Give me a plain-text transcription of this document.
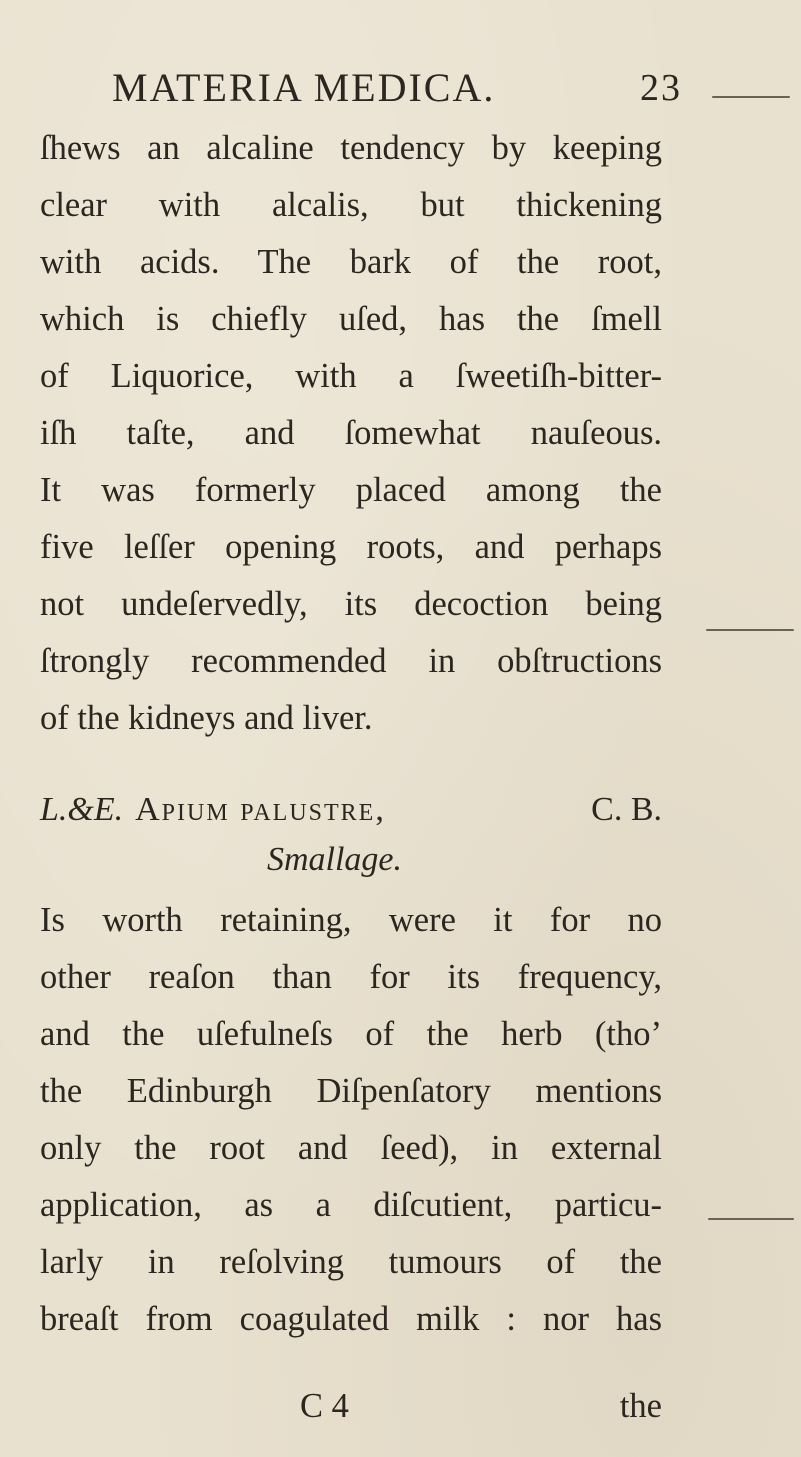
MATERIA MEDICA.	23
ſhews an alcaline tendency by keeping
clear with alcalis, but thickening
with acids. The bark of the root,
which is chiefly uſed, has the ſmell
of Liquorice, with a ſweetiſh-bitter-
iſh taſte, and ſomewhat nauſeous.
It was formerly placed among the
five leſſer opening roots, and perhaps
not undeſervedly, its decoction being
ſtrongly recommended in obſtructions
of the kidneys and liver.
L.&E. Apium palustre,	C. B.
Smallage.
Is worth retaining, were it for no
other reaſon than for its frequency,
and the uſefulneſs of the herb (tho’
the Edinburgh Diſpenſatory mentions
only the root and ſeed), in external
application, as a diſcutient, particu-
larly in reſolving tumours of the
breaſt from coagulated milk : nor has
C 4	the
